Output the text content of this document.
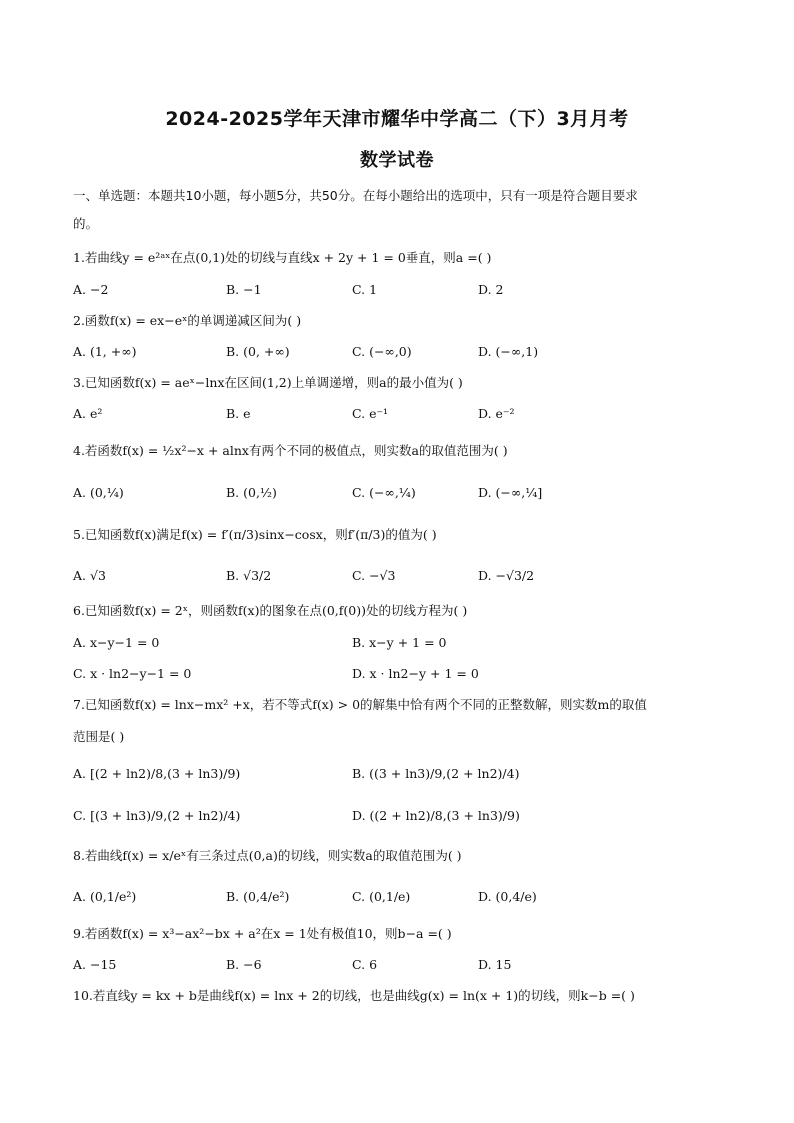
2024-2025学年天津市耀华中学高二（下）3月月考
数学试卷
一、单选题：本题共10小题，每小题5分，共50分。在每小题给出的选项中，只有一项是符合题目要求
的。
1.若曲线y = e²ᵃˣ在点(0,1)处的切线与直线x + 2y + 1 = 0垂直，则a =( )
A. −2	B. −1	C. 1	D. 2
2.函数f(x) = ex−eˣ的单调递减区间为( )
A. (1, +∞)	B. (0, +∞)	C. (−∞,0)	D. (−∞,1)
3.已知函数f(x) = aeˣ−lnx在区间(1,2)上单调递增，则a的最小值为( )
A. e²	B. e	C. e⁻¹	D. e⁻²
4.若函数f(x) = ½x²−x + alnx有两个不同的极值点，则实数a的取值范围为( )
A. (0,¼)	B. (0,½)	C. (−∞,¼)	D. (−∞,¼]
5.已知函数f(x)满足f(x) = f′(π/3)sinx−cosx，则f′(π/3)的值为( )
A. √3	B. √3/2	C. −√3	D. −√3/2
6.已知函数f(x) = 2ˣ，则函数f(x)的图象在点(0,f(0))处的切线方程为( )
A. x−y−1 = 0	B. x−y + 1 = 0
C. x · ln2−y−1 = 0	D. x · ln2−y + 1 = 0
7.已知函数f(x) = lnx−mx² +x，若不等式f(x) > 0的解集中恰有两个不同的正整数解，则实数m的取值
范围是( )
A. [(2 + ln2)/8,(3 + ln3)/9)	B. ((3 + ln3)/9,(2 + ln2)/4)
C. [(3 + ln3)/9,(2 + ln2)/4)	D. ((2 + ln2)/8,(3 + ln3)/9)
8.若曲线f(x) = x/eˣ有三条过点(0,a)的切线，则实数a的取值范围为( )
A. (0,1/e²)	B. (0,4/e²)	C. (0,1/e)	D. (0,4/e)
9.若函数f(x) = x³−ax²−bx + a²在x = 1处有极值10，则b−a =( )
A. −15	B. −6	C. 6	D. 15
10.若直线y = kx + b是曲线f(x) = lnx + 2的切线，也是曲线g(x) = ln(x + 1)的切线，则k−b =( )
